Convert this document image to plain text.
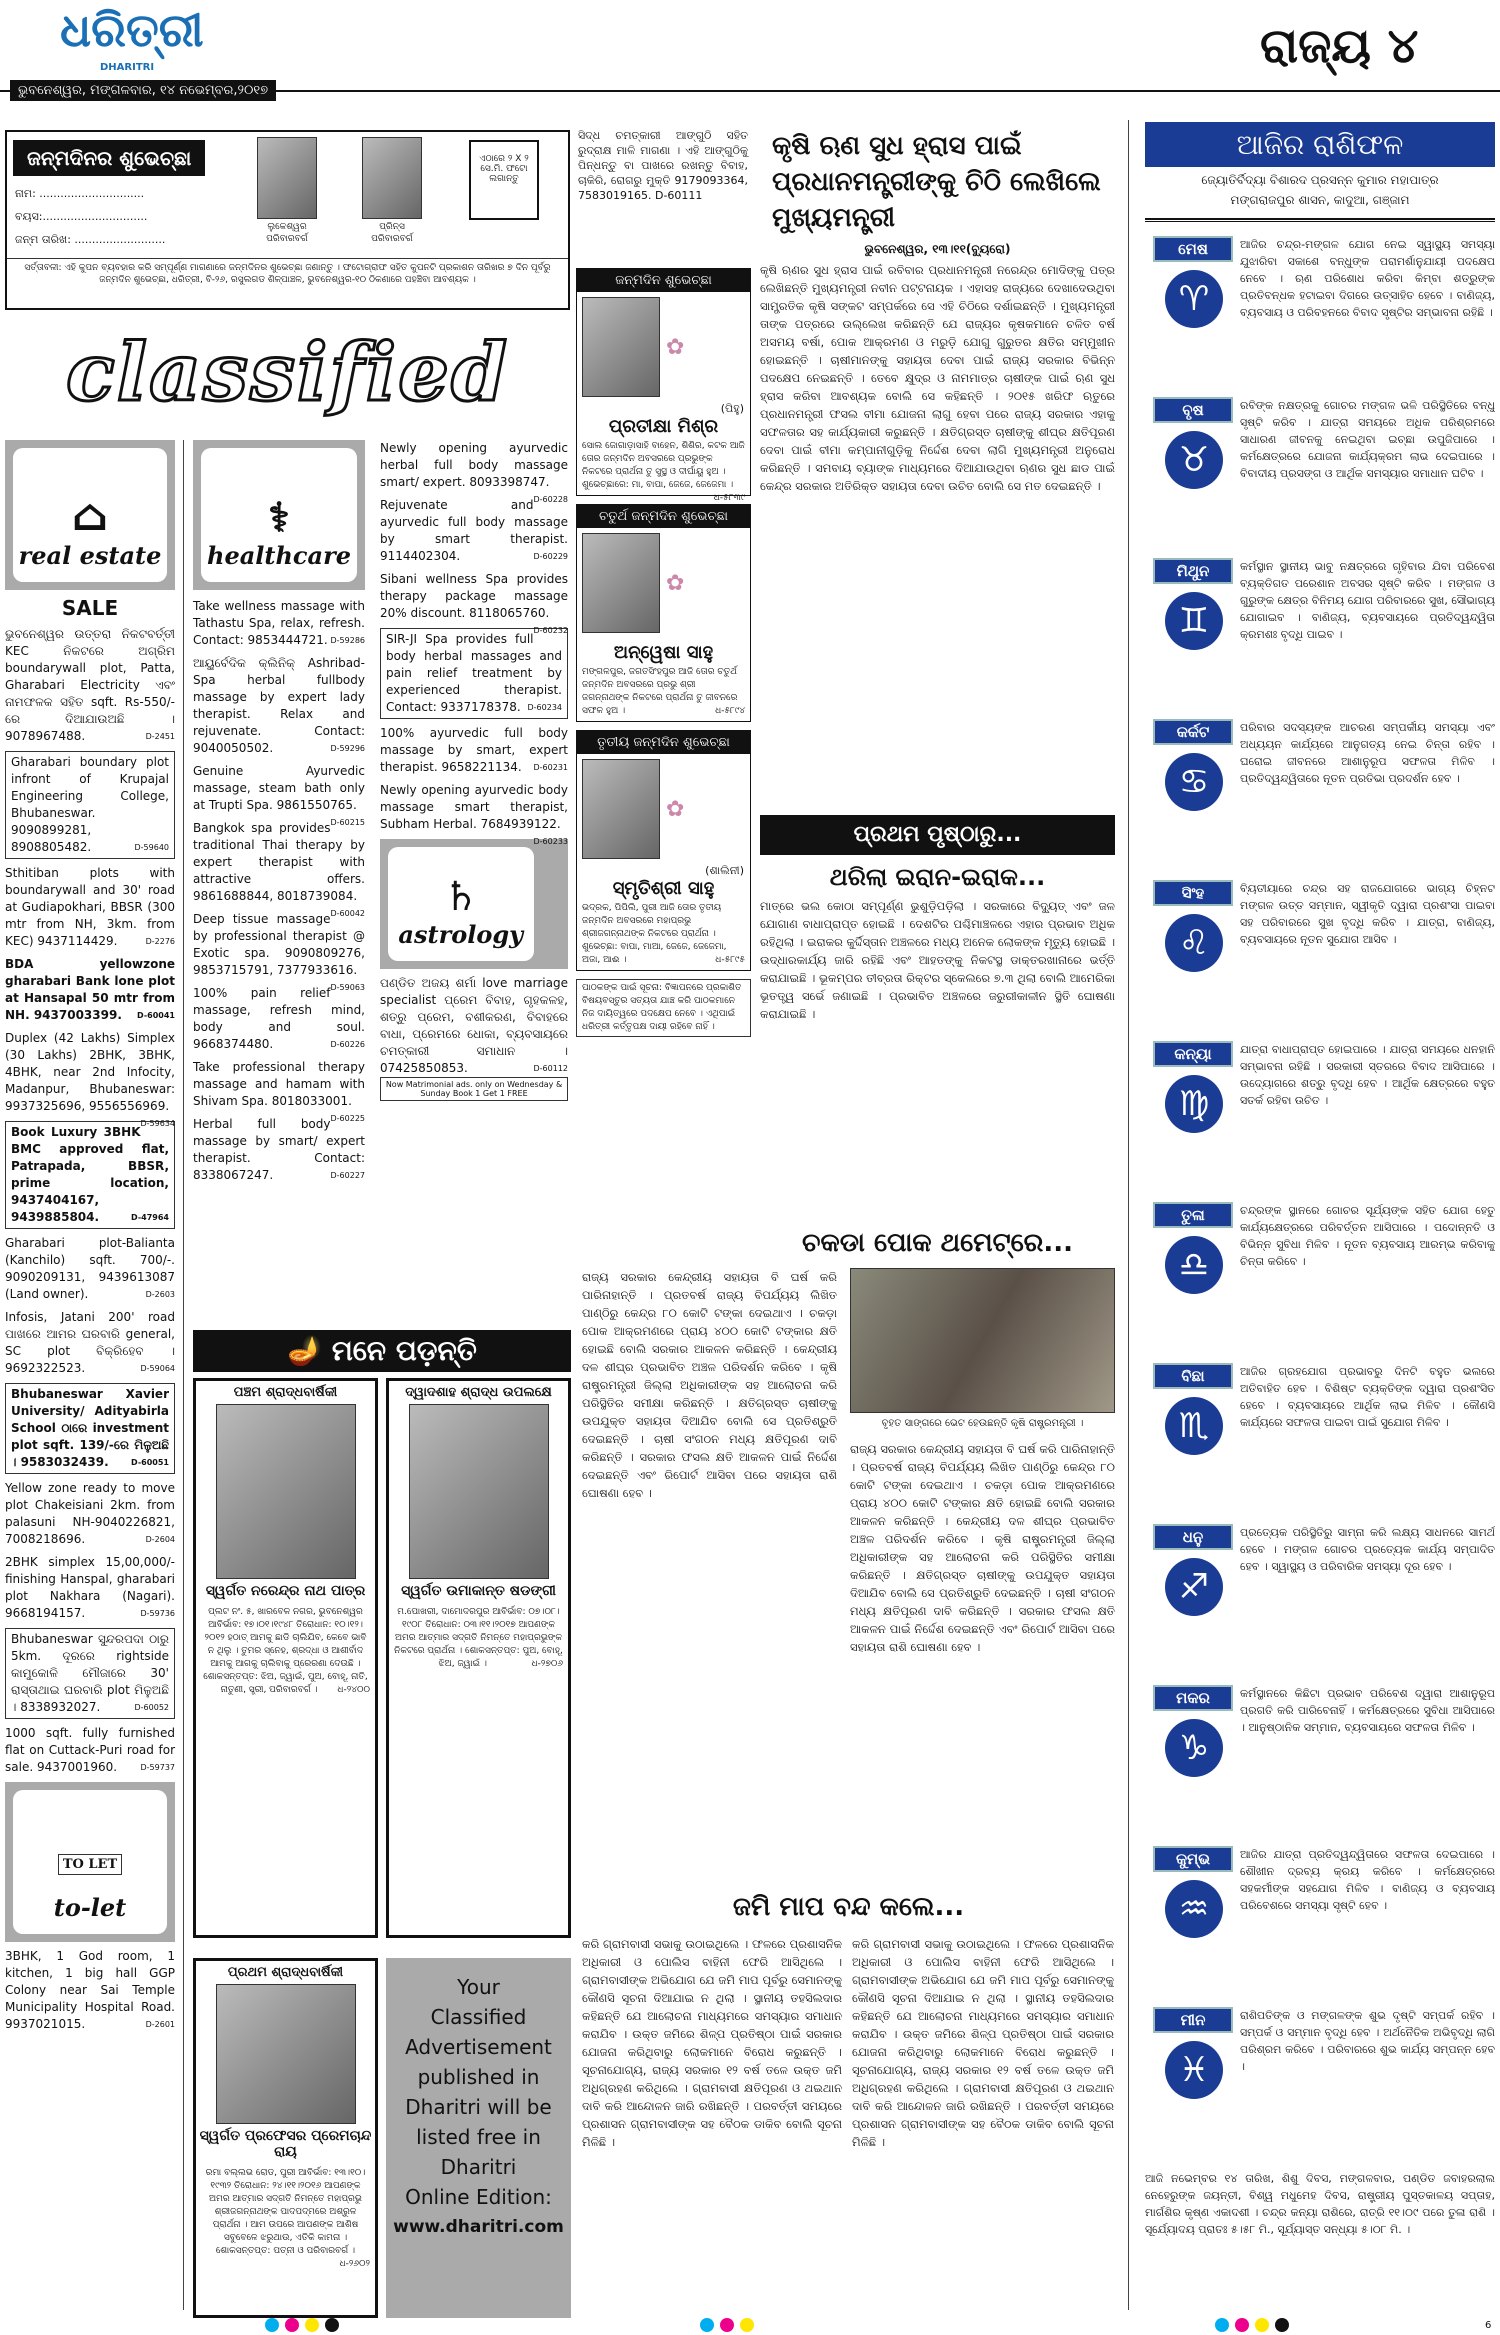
ଧରିତ୍ରୀ
DHARITRI
ଭୁବନେଶ୍ୱର, ମଙ୍ଗଳବାର, ୧୪ ନଭେମ୍ବର,୨୦୧୭
ରାଜ୍ୟ ୪
ଜନ୍ମଦିନର ଶୁଭେଚ୍ଛା
ନାମ: ..............................
ବୟସ:..............................
ଜନ୍ମ ତାରିଖ: ..........................
ଲୁକେଶ୍ୱର
ପରିବାରବର୍ଗ
ପ୍ରିନ୍ସ
ପରିବାରବର୍ଗ
ଏଠାରେ ୨ X ୨ ସେ.ମି. ଫଟୋ ଲଗାନ୍ତୁ
ସର୍ତ୍ତାବଳୀ: ଏହି କୁପନ ବ୍ୟବହାର କରି ସମ୍ପୂର୍ଣ୍ଣ ମାଗଣାରେ ଜନ୍ମଦିନର ଶୁଭେଚ୍ଛା ଜଣାନ୍ତୁ । ଫଟୋଗ୍ରାଫ ସହିତ କୁପନଟି ପ୍ରକାଶନ ତାରିଖର ୭ ଦିନ ପୂର୍ବରୁ ଜନ୍ମଦିନ ଶୁଭେଚ୍ଛା, ଧରିତ୍ରୀ, ବି-୨୬, ରସୁଲଗଡ ଶିଳ୍ପାଞ୍ଚଳ, ଭୁବନେଶ୍ୱର-୧୦ ଠିକଣାରେ ପହଞ୍ଚିବା ଆବଶ୍ୟକ ।
ସିଦ୍ଧ ଚମତ୍କାରୀ ଆଙ୍ଗୁଠି ସହିତ ରୁଦ୍ରାକ୍ଷ ମାଳି ମାଗଣା । ଏହି ଆଙ୍ଗୁଠିକୁ ପିନ୍ଧନ୍ତୁ ବା ପାଖରେ ରଖନ୍ତୁ ବିବାହ, ଚାକିରି, ରୋଗରୁ ମୁକ୍ତି 9179093364, 7583019165. D-60111
classified
⌂
real estate
SALE

ଭୁବନେଶ୍ୱର ଉତ୍ତରା ନିକଟବର୍ତ୍ତୀ KEC ନିକଟରେ ଅଗ୍ରିମ boundarywall plot, Patta, Gharabari Electricity ଏବଂ ନାମଫଳକ ସହିତ sqft. Rs-550/-ରେ ଦିଆଯାଉଅଛି । 9078967488.	D-2451

Gharabari boundary plot infront of Krupajal Engineering College, Bhubaneswar. 9090899281, 8908805482.	D-59640

Sthitiban plots with boundarywall and 30' road at Gudiapokhari, BBSR (300 mtr from NH, 3km. from KEC) 9437114429.	D-2276

BDA yellowzone gharabari Bank lone plot at Hansapal 50 mtr from NH. 9437003399. D-60041

Duplex (42 Lakhs) Simplex (30 Lakhs) 2BHK, 3BHK, 4BHK, near 2nd Infocity, Madanpur, Bhubaneswar: 9937325696, 9556556969.
D-59634

Book Luxury 3BHK BMC approved flat, Patrapada, BBSR, prime location, 9437404167, 9439885804.	D-47964

Gharabari plot-Balianta (Kanchilo) sqft. 700/-. 9090209131, 9439613087 (Land owner).	D-2603

Infosis, Jatani 200' road ପାଖରେ ଆମର ଘରବାରି general, SC plot ବିକ୍ରିହେବ । 9692322523.	D-59064

Bhubaneswar Xavier University/ Adityabirla School ଠାରେ investment plot sqft. 139/-ରେ ମିଳୁଅଛି । 9583032439.	D-60051

Yellow zone ready to move plot Chakeisiani 2km. from palasuni NH-9040226821, 7008218696.	D-2604

2BHK simplex 15,00,000/- finishing Hanspal, gharabari plot Nakhara (Nagari). 9668194157.	D-59736

Bhubaneswar ସୁନ୍ଦରପଦା ଠାରୁ 5km. ଦୂରରେ rightside କାମୁକୋଳି ମୌଜାରେ 30' ରାସ୍ତାଥାଇ ଘରବାରି plot ମିଳୁଅଛି । 8338932027.	D-60052

1000 sqft. fully furnished flat on Cuttack-Puri road for sale. 9437001960.	D-59737

TO LET
to-let

3BHK, 1 God room, 1 kitchen, 1 big hall GGP Colony near Sai Temple Municipality Hospital Road. 9937021015.	D-2601

⚕
healthcare

Take wellness massage with Tathastu Spa, relax, refresh. Contact: 9853444721. D-59286

ଆୟୁର୍ବେଦିକ କ୍ଲିନିକ୍ Ashribad-Spa herbal fullbody massage by expert lady therapist. Relax and rejuvenate. Contact: 9040050502.	D-59296

Genuine Ayurvedic massage, steam bath only at Trupti Spa. 9861550765.
D-60215

Bangkok spa provides traditional Thai therapy by expert therapist with attractive offers. 9861688844, 8018739084.
D-60042

Deep tissue massage by professional therapist @ Exotic spa. 9090809276, 9853715791, 7377933616.
D-59063

100% pain relief massage, refresh mind, body and soul. 9668374480.	D-60226

Take professional therapy massage and hamam with Shivam Spa. 8018033001.
D-60225

Herbal full body massage by smart/ expert therapist. Contact: 8338067247.	D-60227

Newly opening ayurvedic herbal full body massage smart/ expert. 8093398747.
D-60228

Rejuvenate and ayurvedic full body massage by smart therapist. 9114402304.	D-60229

Sibani wellness Spa provides therapy package massage 20% discount. 8118065760.
D-60232

SIR-JI Spa provides full body herbal massages and pain relief treatment by experienced therapist. Contact: 9337178378. D-60234

100% ayurvedic full body massage by smart, expert therapist. 9658221134. D-60231

Newly opening ayurvedic body massage smart therapist, Subham Herbal. 7684939122.
D-60233

♄
astrology

ପଣ୍ଡିତ ଅଜୟ ଶର୍ମା love marriage specialist ପ୍ରେମ ବିବାହ, ଗୃହକଳହ, ଶତ୍ରୁ ପ୍ରେମ, ବଶୀକରଣ, ବିବାହରେ ବାଧା, ପ୍ରେମରେ ଧୋକା, ବ୍ୟବସାୟରେ ଚମତ୍କାରୀ ସମାଧାନ । 07425850853.	D-60112

Now Matrimonial ads. only on Wednesday & Sunday Book 1 Get 1 FREE
ଜନ୍ମଦିନ ଶୁଭେଚ୍ଛା
✿
(ପିହୁ)
ପ୍ରତୀକ୍ଷା ମିଶ୍ର
ସୋଲ ଜୋଗାଡ଼ାସାହି ବାହେନ, ଶିଶିର, କଟକ ଆଜି ତୋର ଜନ୍ମଦିନ ଅବସରରେ ପ୍ରଭୁଙ୍କ ନିକଟରେ ପ୍ରାର୍ଥନା ତୁ ସୁସ୍ଥ ଓ ଦୀର୍ଘାୟୁ ହୁଅ । ଶୁଭେଚ୍ଛାରେ: ମା, ବାପା, ଜେଜେ, ଜେଜେମା ।
ଧ-୫୮୩୯
ଚତୁର୍ଥ ଜନ୍ମଦିନ ଶୁଭେଚ୍ଛା
✿
ଅନ୍ୱେଷା ସାହୁ
ମଙ୍ଗଳପୁର, ଜଗତସିଂହପୁର ଆଜି ତୋର ଚତୁର୍ଥ ଜନ୍ମଦିନ ଅବସରରେ ପ୍ରଭୁ ଶ୍ରୀ ଜଗନ୍ନାଥଙ୍କ ନିକଟରେ ପ୍ରାର୍ଥନା ତୁ ଜୀବନରେ ସଫଳ ହୁଅ ।	ଧ-୫୮୯୪
ତୃତୀୟ ଜନ୍ମଦିନ ଶୁଭେଚ୍ଛା
✿
(ଶାଲିନୀ)
ସ୍ମୃତିଶ୍ରୀ ସାହୁ
ଭଦ୍ରକ, ପିପିଲି, ପୁରୀ ଆଜି ତୋର ତୃତୀୟ ଜନ୍ମଦିନ ଅବସରରେ ମହାପ୍ରଭୁ ଶ୍ରୀଜଗନ୍ନାଥଙ୍କ ନିକଟରେ ପ୍ରାର୍ଥନା । ଶୁଭେଚ୍ଛା: ବାପା, ମାଆ, ଜେଜେ, ଜେଜେମା, ଅଜା, ଆଈ ।	ଧ-୫୮୯୫
ପାଠକଙ୍କ ପାଇଁ ସୂଚନା: ବିଜ୍ଞାପନରେ ପ୍ରକାଶିତ ବିଷୟବସ୍ତୁର ସତ୍ୟତା ଯାଞ୍ଚ କରି ପାଠକମାନେ ନିଜ ଦାୟିତ୍ୱରେ ପଦକ୍ଷେପ ନେବେ । ଏଥିପାଇଁ ଧରିତ୍ରୀ କର୍ତ୍ତୃପକ୍ଷ ଦାୟୀ ରହିବେ ନାହିଁ ।
🪔 ମନେ ପଡ଼ନ୍ତି
ପଞ୍ଚମ ଶ୍ରାଦ୍ଧବାର୍ଷିକୀ
ସ୍ୱର୍ଗତ ନରେନ୍ଦ୍ର ନାଥ ପାତ୍ର
ପ୍ଲଟ ନଂ. ୫, ଖାରବେଳ ନଗର, ଭୁବନେଶ୍ୱର ଆବିର୍ଭାବ: ୧୭।୦୧।୧୯୪୮ ତିରୋଧାନ: ୧୦।୧୨।୨୦୧୨ ହଠାତ୍ ଆମକୁ ଛାଡି ଚାଲିଯିବ, କେବେ ଭାବି ନ ଥିଲୁ । ତୁମର ସ୍ନେହ, ଶ୍ରଦ୍ଧା ଓ ଆଶୀର୍ବାଦ ଆମକୁ ଆଗକୁ ଚାଲିବାକୁ ପ୍ରେରଣା ଦେଉଛି । ଶୋକସନ୍ତପ୍ତ: ଝିଅ, ଜ୍ୱାଇଁ, ପୁଅ, ବୋହୂ, ନାତି, ନାତୁଣୀ, ସ୍ତ୍ରୀ, ପରିବାରବର୍ଗ । ଧ-୨୪୦୦
ଦ୍ୱାଦଶାହ ଶ୍ରାଦ୍ଧ ଉପଲକ୍ଷେ
ସ୍ୱର୍ଗତ ଉମାକାନ୍ତ ଷଡଙ୍ଗୀ
ମ.ପୋଖରୀ, ଦାମୋଦରପୁର ଆବିର୍ଭାବ: ୦୭।୦୮।୧୯୦୮ ତିରୋଧାନ: ୦୩।୧୧।୨୦୧୭ ଆପଣଙ୍କ ଅମର ଆତ୍ମାର ସଦ୍ଗତି ନିମନ୍ତେ ମହାପ୍ରଭୁଙ୍କ ନିକଟରେ ପ୍ରାର୍ଥନା । ଶୋକସନ୍ତପ୍ତ: ପୁଅ, ବୋହୂ, ଝିଅ, ଜ୍ୱାଇଁ ।	ଧ-୨୭୦୬
ପ୍ରଥମ ଶ୍ରାଦ୍ଧବାର୍ଷିକୀ
ସ୍ୱର୍ଗତ ପ୍ରଫେସର ପ୍ରେମଚାନ୍ଦ ରାୟ
ରମା ବଲ୍ଲଭ ରୋଡ, ପୁରୀ ଆବିର୍ଭାବ: ୧୩।୧୦।୧୯୩୨ ତିରୋଧାନ: ୨୪।୧୧।୨୦୧୬ ଆପଣଙ୍କ ଅମର ଆତ୍ମାର ସଦ୍ଗତି ନିମନ୍ତେ ମହାପ୍ରଭୁ ଶ୍ରୀଜଗନ୍ନାଥଙ୍କ ପାଦପଦ୍ମରେ ଅଶ୍ରୁଳ ପ୍ରାର୍ଥନା । ଆମ ଉପରେ ଆପଣଙ୍କ ଆଶିଷ ସବୁବେଳେ ଝରୁଥାଉ, ଏତିକି କାମନା । ଶୋକସନ୍ତପ୍ତ: ପତ୍ନୀ ଓ ପରିବାରବର୍ଗ ।
ଧ-୨୬୦୨
Your
Classified
Advertisement
published in
Dharitri will be
listed free in
Dharitri
Online Edition:
www.dharitri.com
କୃଷି ଋଣ ସୁଧ ହ୍ରାସ ପାଇଁ ପ୍ରଧାନମନ୍ତ୍ରୀଙ୍କୁ ଚିଠି ଲେଖିଲେ ମୁଖ୍ୟମନ୍ତ୍ରୀ
ଭୁବନେଶ୍ୱର, ୧୩।୧୧(ବ୍ୟୁରୋ)
କୃଷି ଋଣର ସୁଧ ହ୍ରାସ ପାଇଁ ରବିବାର ପ୍ରଧାନମନ୍ତ୍ରୀ ନରେନ୍ଦ୍ର ମୋଦିଙ୍କୁ ପତ୍ର ଲେଖିଛନ୍ତି ମୁଖ୍ୟମନ୍ତ୍ରୀ ନବୀନ ପଟ୍ଟନାୟକ । ଏହାସହ ରାଜ୍ୟରେ ଦେଖାଦେଉଥିବା ସାମ୍ପ୍ରତିକ କୃଷି ସଙ୍କଟ ସମ୍ପର୍କରେ ସେ ଏହି ଚିଠିରେ ଦର୍ଶାଇଛନ୍ତି । ମୁଖ୍ୟମନ୍ତ୍ରୀ ତାଙ୍କ ପତ୍ରରେ ଉଲ୍ଲେଖ କରିଛନ୍ତି ଯେ ରାଜ୍ୟର କୃଷକମାନେ ଚଳିତ ବର୍ଷ ଅସମୟ ବର୍ଷା, ପୋକ ଆକ୍ରମଣ ଓ ମରୁଡ଼ି ଯୋଗୁ ଗୁରୁତର କ୍ଷତିର ସମ୍ମୁଖୀନ ହୋଇଛନ୍ତି । ଚାଷୀମାନଙ୍କୁ ସହାୟତା ଦେବା ପାଇଁ ରାଜ୍ୟ ସରକାର ବିଭିନ୍ନ ପଦକ୍ଷେପ ନେଇଛନ୍ତି । ତେବେ କ୍ଷୁଦ୍ର ଓ ନାମମାତ୍ର ଚାଷୀଙ୍କ ପାଇଁ ଋଣ ସୁଧ ହ୍ରାସ କରିବା ଆବଶ୍ୟକ ବୋଲି ସେ କହିଛନ୍ତି । ୨୦୧୫ ଖରିଫ ଋତୁରେ ପ୍ରଧାନମନ୍ତ୍ରୀ ଫସଲ ବୀମା ଯୋଜନା ଲାଗୁ ହେବା ପରେ ରାଜ୍ୟ ସରକାର ଏହାକୁ ସଫଳତାର ସହ କାର୍ଯ୍ୟକାରୀ କରୁଛନ୍ତି । କ୍ଷତିଗ୍ରସ୍ତ ଚାଷୀଙ୍କୁ ଶୀଘ୍ର କ୍ଷତିପୂରଣ ଦେବା ପାଇଁ ବୀମା କମ୍ପାନୀଗୁଡ଼ିକୁ ନିର୍ଦ୍ଦେଶ ଦେବା ଲାଗି ମୁଖ୍ୟମନ୍ତ୍ରୀ ଅନୁରୋଧ କରିଛନ୍ତି । ସମବାୟ ବ୍ୟାଙ୍କ ମାଧ୍ୟମରେ ଦିଆଯାଉଥିବା ଋଣର ସୁଧ ଛାଡ ପାଇଁ କେନ୍ଦ୍ର ସରକାର ଅତିରିକ୍ତ ସହାୟତା ଦେବା ଉଚିତ ବୋଲି ସେ ମତ ଦେଇଛନ୍ତି ।
ପ୍ରଥମ ପୃଷ୍ଠାରୁ...
ଥରିଲା ଇରାନ-ଇରାକ...
ମାତ୍ରେ ଭଲ କୋଠା ସମ୍ପୂର୍ଣ୍ଣ ଭୁଶୁଡ଼ିପଡ଼ିଲା । ସରକାରେ ବିଦ୍ୟୁତ୍ ଏବଂ ଜଳ ଯୋଗାଣ ବାଧାପ୍ରାପ୍ତ ହୋଇଛି । ଦେଶଟିର ପଶ୍ଚିମାଞ୍ଚଳରେ ଏହାର ପ୍ରଭାବ ଅଧିକ ରହିଥିଲା । ଇରାକର କୁର୍ଦ୍ଦିସ୍ତାନ ଅଞ୍ଚଳରେ ମଧ୍ୟ ଅନେକ ଲୋକଙ୍କ ମୃତ୍ୟୁ ହୋଇଛି । ଉଦ୍ଧାରକାର୍ଯ୍ୟ ଜାରି ରହିଛି ଏବଂ ଆହତଙ୍କୁ ନିକଟସ୍ଥ ଡାକ୍ତରଖାନାରେ ଭର୍ତ୍ତି କରାଯାଇଛି । ଭୂକମ୍ପର ତୀବ୍ରତା ରିକ୍ଟର ସ୍କେଲରେ ୭.୩ ଥିଲା ବୋଲି ଆମେରିକା ଭୂତତ୍ତ୍ୱ ସର୍ଭେ ଜଣାଇଛି । ପ୍ରଭାବିତ ଅଞ୍ଚଳରେ ଜରୁରୀକାଳୀନ ସ୍ଥିତି ଘୋଷଣା କରାଯାଇଛି ।
ଚକଡା ପୋକ ଥମେଟ୍ରେ...
ରାଜ୍ୟ ସରକାର କେନ୍ଦ୍ରୀୟ ସହାୟତା ବି ଘର୍ଷ କରି ପାରିନାହାନ୍ତି । ପ୍ରତବର୍ଷ ରାଜ୍ୟ ବିପର୍ଯ୍ୟୟ ଲିଖିତ ପାଣ୍ଠିରୁ କେନ୍ଦ୍ର ୮୦ କୋଟି ଟଙ୍କା ଦେଇଥାଏ । ଚକଡ଼ା ପୋକ ଆକ୍ରମଣରେ ପ୍ରାୟ ୪୦୦ କୋଟି ଟଙ୍କାର କ୍ଷତି ହୋଇଛି ବୋଲି ସରକାର ଆକଳନ କରିଛନ୍ତି । କେନ୍ଦ୍ରୀୟ ଦଳ ଶୀଘ୍ର ପ୍ରଭାବିତ ଅଞ୍ଚଳ ପରିଦର୍ଶନ କରିବେ । କୃଷି ରାଷ୍ଟ୍ରମନ୍ତ୍ରୀ ଜିଲ୍ଲା ଅଧିକାରୀଙ୍କ ସହ ଆଲୋଚନା କରି ପରିସ୍ଥିତିର ସମୀକ୍ଷା କରିଛନ୍ତି । କ୍ଷତିଗ୍ରସ୍ତ ଚାଷୀଙ୍କୁ ଉପଯୁକ୍ତ ସହାୟତା ଦିଆଯିବ ବୋଲି ସେ ପ୍ରତିଶ୍ରୁତି ଦେଇଛନ୍ତି । ଚାଷୀ ସଂଗଠନ ମଧ୍ୟ କ୍ଷତିପୂରଣ ଦାବି କରିଛନ୍ତି । ସରକାର ଫସଲ କ୍ଷତି ଆକଳନ ପାଇଁ ନିର୍ଦ୍ଦେଶ ଦେଇଛନ୍ତି ଏବଂ ରିପୋର୍ଟ ଆସିବା ପରେ ସହାୟତା ରାଶି ଘୋଷଣା ହେବ ।
ବୃହତ ସାଙ୍ଗରେ ଭେଟ ହେଉଛନ୍ତି କୃଷି ରାଷ୍ଟ୍ରମନ୍ତ୍ରୀ ।
ରାଜ୍ୟ ସରକାର କେନ୍ଦ୍ରୀୟ ସହାୟତା ବି ଘର୍ଷ କରି ପାରିନାହାନ୍ତି । ପ୍ରତବର୍ଷ ରାଜ୍ୟ ବିପର୍ଯ୍ୟୟ ଲିଖିତ ପାଣ୍ଠିରୁ କେନ୍ଦ୍ର ୮୦ କୋଟି ଟଙ୍କା ଦେଇଥାଏ । ଚକଡ଼ା ପୋକ ଆକ୍ରମଣରେ ପ୍ରାୟ ୪୦୦ କୋଟି ଟଙ୍କାର କ୍ଷତି ହୋଇଛି ବୋଲି ସରକାର ଆକଳନ କରିଛନ୍ତି । କେନ୍ଦ୍ରୀୟ ଦଳ ଶୀଘ୍ର ପ୍ରଭାବିତ ଅଞ୍ଚଳ ପରିଦର୍ଶନ କରିବେ । କୃଷି ରାଷ୍ଟ୍ରମନ୍ତ୍ରୀ ଜିଲ୍ଲା ଅଧିକାରୀଙ୍କ ସହ ଆଲୋଚନା କରି ପରିସ୍ଥିତିର ସମୀକ୍ଷା କରିଛନ୍ତି । କ୍ଷତିଗ୍ରସ୍ତ ଚାଷୀଙ୍କୁ ଉପଯୁକ୍ତ ସହାୟତା ଦିଆଯିବ ବୋଲି ସେ ପ୍ରତିଶ୍ରୁତି ଦେଇଛନ୍ତି । ଚାଷୀ ସଂଗଠନ ମଧ୍ୟ କ୍ଷତିପୂରଣ ଦାବି କରିଛନ୍ତି । ସରକାର ଫସଲ କ୍ଷତି ଆକଳନ ପାଇଁ ନିର୍ଦ୍ଦେଶ ଦେଇଛନ୍ତି ଏବଂ ରିପୋର୍ଟ ଆସିବା ପରେ ସହାୟତା ରାଶି ଘୋଷଣା ହେବ ।
ଜମି ମାପ ବନ୍ଦ କଲେ...
କରି ଗ୍ରାମବାସୀ ସଭାକୁ ଉଠାଇଥିଲେ । ଫଳରେ ପ୍ରଶାସନିକ ଅଧିକାରୀ ଓ ପୋଲିସ ବାହିନୀ ଫେରି ଆସିଥିଲେ । ଗ୍ରାମବାସୀଙ୍କ ଅଭିଯୋଗ ଯେ ଜମି ମାପ ପୂର୍ବରୁ ସେମାନଙ୍କୁ କୌଣସି ସୂଚନା ଦିଆଯାଇ ନ ଥିଲା । ସ୍ଥାନୀୟ ତହସିଲଦାର କହିଛନ୍ତି ଯେ ଆଲୋଚନା ମାଧ୍ୟମରେ ସମସ୍ୟାର ସମାଧାନ କରାଯିବ । ଉକ୍ତ ଜମିରେ ଶିଳ୍ପ ପ୍ରତିଷ୍ଠା ପାଇଁ ସରକାର ଯୋଜନା କରିଥିବାରୁ ଲୋକମାନେ ବିରୋଧ କରୁଛନ୍ତି । ସୂଚନାଯୋଗ୍ୟ, ରାଜ୍ୟ ସରକାର ୧୨ ବର୍ଷ ତଳେ ଉକ୍ତ ଜମି ଅଧିଗ୍ରହଣ କରିଥିଲେ । ଗ୍ରାମବାସୀ କ୍ଷତିପୂରଣ ଓ ଥଇଥାନ ଦାବି କରି ଆନ୍ଦୋଳନ ଜାରି ରଖିଛନ୍ତି । ପରବର୍ତ୍ତୀ ସମୟରେ ପ୍ରଶାସନ ଗ୍ରାମବାସୀଙ୍କ ସହ ବୈଠକ ଡାକିବ ବୋଲି ସୂଚନା ମିଳିଛି ।
କରି ଗ୍ରାମବାସୀ ସଭାକୁ ଉଠାଇଥିଲେ । ଫଳରେ ପ୍ରଶାସନିକ ଅଧିକାରୀ ଓ ପୋଲିସ ବାହିନୀ ଫେରି ଆସିଥିଲେ । ଗ୍ରାମବାସୀଙ୍କ ଅଭିଯୋଗ ଯେ ଜମି ମାପ ପୂର୍ବରୁ ସେମାନଙ୍କୁ କୌଣସି ସୂଚନା ଦିଆଯାଇ ନ ଥିଲା । ସ୍ଥାନୀୟ ତହସିଲଦାର କହିଛନ୍ତି ଯେ ଆଲୋଚନା ମାଧ୍ୟମରେ ସମସ୍ୟାର ସମାଧାନ କରାଯିବ । ଉକ୍ତ ଜମିରେ ଶିଳ୍ପ ପ୍ରତିଷ୍ଠା ପାଇଁ ସରକାର ଯୋଜନା କରିଥିବାରୁ ଲୋକମାନେ ବିରୋଧ କରୁଛନ୍ତି । ସୂଚନାଯୋଗ୍ୟ, ରାଜ୍ୟ ସରକାର ୧୨ ବର୍ଷ ତଳେ ଉକ୍ତ ଜମି ଅଧିଗ୍ରହଣ କରିଥିଲେ । ଗ୍ରାମବାସୀ କ୍ଷତିପୂରଣ ଓ ଥଇଥାନ ଦାବି କରି ଆନ୍ଦୋଳନ ଜାରି ରଖିଛନ୍ତି । ପରବର୍ତ୍ତୀ ସମୟରେ ପ୍ରଶାସନ ଗ୍ରାମବାସୀଙ୍କ ସହ ବୈଠକ ଡାକିବ ବୋଲି ସୂଚନା ମିଳିଛି ।
ଆଜିର ରାଶିଫଳ
ଜ୍ୟୋତିର୍ବିଦ୍ୟା ବିଶାରଦ ପ୍ରସନ୍ନ କୁମାର ମହାପାତ୍ର
ମଙ୍ଗରାଜପୁର ଶାସନ, କାଦୁଆ, ଗଞ୍ଜାମ
ମେଷ
♈
ଆଜିର ଚନ୍ଦ୍ର-ମଙ୍ଗଳ ଯୋଗ ନେଇ ସ୍ୱାସ୍ଥ୍ୟ ସମସ୍ୟା ଯୁଝାରିବା ସକାଶେ ବନ୍ଧୁଙ୍କ ପରାମର୍ଶାନୁଯାୟୀ ପଦକ୍ଷେପ ନେବେ । ଋଣ ପରିଶୋଧ କରିବା କିମ୍ବା ଶତ୍ରୁଙ୍କ ପ୍ରତିବନ୍ଧକ ହଟାଇବା ଦିଗରେ ଉତ୍ସାହିତ ହେବେ । ବାଣିଜ୍ୟ, ବ୍ୟବସାୟ ଓ ପରିବହନରେ ବିବାଦ ସୃଷ୍ଟିର ସମ୍ଭାବନା ରହିଛି ।
ବୃଷ
♉
ରବିଙ୍କ ନକ୍ଷତ୍ରକୁ ଗୋଚର ମଙ୍ଗଳ ଭଳି ପରିସ୍ଥିତିରେ ବନ୍ଧୁ ସୃଷ୍ଟି କରିବ । ଯାତ୍ରା ସମୟରେ ଅଧିକ ପରିଶ୍ରମରେ ସାଧାରଣ ଜୀବନକୁ ନେଇଥିବା ଇଚ୍ଛା ଉପୁଜିପାରେ । କର୍ମକ୍ଷେତ୍ରରେ ଯୋଜନା କାର୍ଯ୍ୟକ୍ରମ ଲାଭ ଦେଇପାରେ । ବିବାଦୀୟ ପ୍ରସଙ୍ଗ ଓ ଆର୍ଥିକ ସମସ୍ୟାର ସମାଧାନ ଘଟିବ ।
ମିଥୁନ
♊
କର୍ମସ୍ଥାନ ସ୍ଥାନୀୟ ଭାବୁ ନକ୍ଷତ୍ରରେ ଗୃହିବାର ଯିବା ପରିବେଶ ବ୍ୟକ୍ତିଗତ ପରେଶାନ ଅବସର ସୃଷ୍ଟି କରିବ । ମଙ୍ଗଳ ଓ ଗୁରୁଙ୍କ କ୍ଷେତ୍ର ବିନିମୟ ଯୋଗ ପରିବାରରେ ସୁଖ, ସୌଭାଗ୍ୟ ଯୋଗାଇବ । ବାଣିଜ୍ୟ, ବ୍ୟବସାୟରେ ପ୍ରତିଦ୍ୱନ୍ଦ୍ୱିତା କ୍ରମଶଃ ବୃଦ୍ଧି ପାଇବ ।
କର୍କଟ
♋
ପରିବାର ସଦସ୍ୟଙ୍କ ଆଚରଣ ସମ୍ପର୍କୀୟ ସମସ୍ୟା ଏବଂ ଅଧ୍ୟୟନ କାର୍ଯ୍ୟରେ ଆନୁଗତ୍ୟ ନେଇ ଚିନ୍ତା ରହିବ । ଘରୋଇ ଜୀବନରେ ଆଶାନୁରୂପ ସଫଳତା ମିଳିବ । ପ୍ରତିଦ୍ୱନ୍ଦ୍ୱିତାରେ ନୂତନ ପ୍ରତିଭା ପ୍ରଦର୍ଶନ ହେବ ।
ସିଂହ
♌
ବ୍ୟିତୀୟାରେ ଚନ୍ଦ୍ର ସହ ରାଜଯୋଗରେ ଭାଗ୍ୟ ଚିହ୍ନଟ ମଙ୍ଗଳ ଉତ୍ତ ସମ୍ମାନ, ସ୍ୱୀକୃତି ଦ୍ୱାରା ପ୍ରଶଂସା ପାଇବା ସହ ପରିବାରରେ ସୁଖ ବୃଦ୍ଧି କରିବ । ଯାତ୍ରା, ବାଣିଜ୍ୟ, ବ୍ୟବସାୟରେ ନୂତନ ସୁଯୋଗ ଆସିବ ।
କନ୍ୟା
♍
ଯାତ୍ରା ବାଧାପ୍ରାପ୍ତ ହୋଇପାରେ । ଯାତ୍ରା ସମୟରେ ଧନହାନି ସମ୍ଭାବନା ରହିଛି । ସରକାରୀ ସ୍ତରରେ ବିବାଦ ଆସିପାରେ । ଉଦ୍ୟୋଗରେ ଶତ୍ରୁ ବୃଦ୍ଧି ହେବ । ଆର୍ଥିକ କ୍ଷେତ୍ରରେ ବହୁତ ସତର୍କ ରହିବା ଉଚିତ ।
ତୁଳା
♎
ଚନ୍ଦ୍ରଙ୍କ ସ୍ଥାନରେ ଗୋଚର ସୂର୍ଯ୍ୟଙ୍କ ସହିତ ଯୋଗ ହେତୁ କାର୍ଯ୍ୟକ୍ଷେତ୍ରରେ ପରିବର୍ତ୍ତନ ଆସିପାରେ । ପଦୋନ୍ନତି ଓ ବିଭିନ୍ନ ସୁବିଧା ମିଳିବ । ନୂତନ ବ୍ୟବସାୟ ଆରମ୍ଭ କରିବାକୁ ଚିନ୍ତା କରିବେ ।
ବିଛା
♏
ଆଜିର ଗ୍ରହଯୋଗ ପ୍ରଭାବରୁ ଦିନଟି ବହୁତ ଭଲରେ ଅତିବାହିତ ହେବ । ବିଶିଷ୍ଟ ବ୍ୟକ୍ତିଙ୍କ ଦ୍ୱାରା ପ୍ରଶଂସିତ ହେବେ । ବ୍ୟବସାୟରେ ଆର୍ଥିକ ଲାଭ ମିଳିବ । କୌଣସି କାର୍ଯ୍ୟରେ ସଫଳତା ପାଇବା ପାଇଁ ସୁଯୋଗ ମିଳିବ ।
ଧନୁ
♐
ପ୍ରତ୍ୟେକ ପରିସ୍ଥିତିରୁ ସାମ୍ନା କରି ଲକ୍ଷ୍ୟ ସାଧନରେ ସାମର୍ଥ ହେବେ । ମଙ୍ଗଳ ଗୋଚର ପ୍ରତ୍ୟେକ କାର୍ଯ୍ୟ ସମ୍ପାଦିତ ହେବ । ସ୍ୱାସ୍ଥ୍ୟ ଓ ପରିବାରିକ ସମସ୍ୟା ଦୂର ହେବ ।
ମକର
♑
କର୍ମସ୍ଥାନରେ କିଛିଟା ପ୍ରଭାବ ପରିବେଶ ଦ୍ୱାରା ଆଶାନୁରୂପ ପ୍ରଗତି କରି ପାରିବେନାହିଁ । କର୍ମକ୍ଷେତ୍ରରେ ସୁବିଧା ଆସିପାରେ । ଆନୁଷ୍ଠାନିକ ସମ୍ମାନ, ବ୍ୟବସାୟରେ ସଫଳତା ମିଳିବ ।
କୁମ୍ଭ
♒
ଆଜିର ଯାତ୍ରା ପ୍ରତିଦ୍ୱନ୍ଦ୍ୱିତାରେ ସଫଳତା ଦେଇପାରେ । ଶୌଖୀନ ଦ୍ରବ୍ୟ କ୍ରୟ କରିବେ । କର୍ମକ୍ଷେତ୍ରରେ ସହକର୍ମୀଙ୍କ ସହଯୋଗ ମିଳିବ । ବାଣିଜ୍ୟ ଓ ବ୍ୟବସାୟ ପରିବେଶରେ ସମସ୍ୟା ସୃଷ୍ଟି ହେବ ।
ମୀନ
♓
ରାଶିପତିଙ୍କ ଓ ମଙ୍ଗଳଙ୍କ ଶୁଭ ଦୃଷ୍ଟି ସମ୍ପର୍କ ରହିବ । ସମ୍ପର୍କ ଓ ସମ୍ମାନ ବୃଦ୍ଧି ହେବ । ଅର୍ଥନୈତିକ ଅଭିବୃଦ୍ଧି ଲାଗି ପରିଶ୍ରମ କରିବେ । ପରିବାରରେ ଶୁଭ କାର୍ଯ୍ୟ ସମ୍ପନ୍ନ ହେବ ।
ଆଜି ନଭେମ୍ବର ୧୪ ତାରିଖ, ଶିଶୁ ଦିବସ, ମଙ୍ଗଳବାର, ପଣ୍ଡିତ ଜବାହରଲାଲ ନେହେରୁଙ୍କ ଜୟନ୍ତୀ, ବିଶ୍ୱ ମଧୁମେହ ଦିବସ, ରାଷ୍ଟ୍ରୀୟ ପୁସ୍ତକାଳୟ ସପ୍ତାହ, ମାର୍ଗଶିର କୃଷ୍ଣ ଏକାଦଶୀ । ଚନ୍ଦ୍ର କନ୍ୟା ରାଶିରେ, ରାତ୍ରି ୧୧।୦୯ ପରେ ତୁଳା ରାଶି । ସୂର୍ଯ୍ୟୋଦୟ ପ୍ରାତଃ ୫।୫୮ ମି., ସୂର୍ଯ୍ୟାସ୍ତ ସନ୍ଧ୍ୟା ୫।୦୮ ମି. ।
6
